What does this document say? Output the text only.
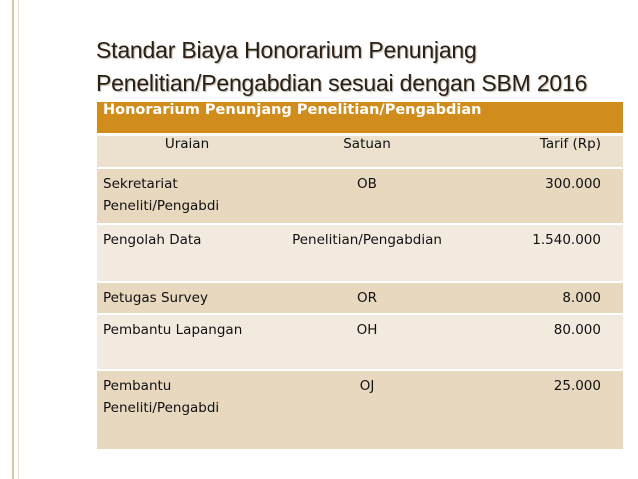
Standar Biaya Honorarium Penunjang
Penelitian/Pengabdian sesuai dengan SBM 2016
Honorarium Penunjang Penelitian/Pengabdian		
Uraian	Satuan	Tarif (Rp)
Sekretariat Peneliti/Pengabdi	OB	300.000
Pengolah Data	Penelitian/Pengabdian	1.540.000
Petugas Survey	OR	8.000
Pembantu Lapangan	OH	80.000
Pembantu Peneliti/Pengabdi	OJ	25.000
